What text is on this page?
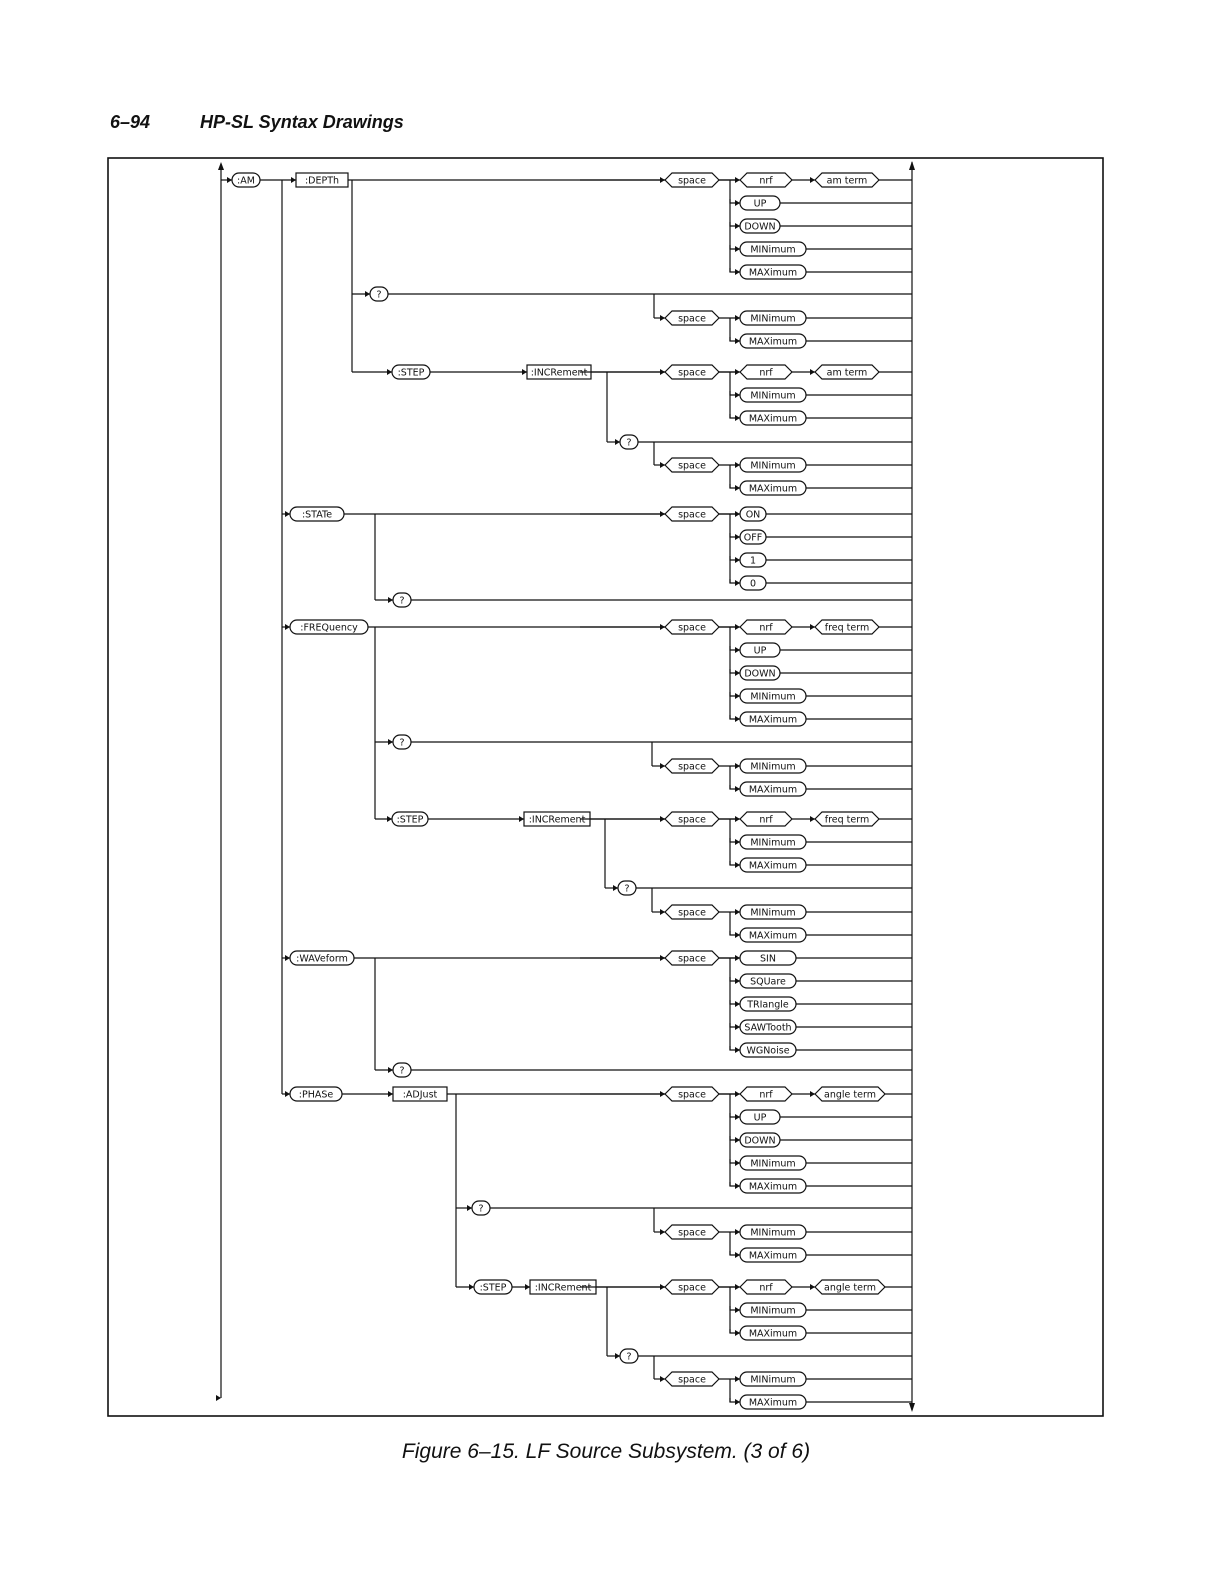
6–94	HP-SL Syntax Drawings
:AM	:DEPTh	space	nrf	am term
UP
DOWN
MINimum
MAXimum
?
space	MINimum
MAXimum
:STEP	:INCRement	space	nrf	am term
MINimum
MAXimum
?
space	MINimum
MAXimum
:STATe	space	ON
OFF
1
0
?
:FREQuency	space	nrf	freq term
UP
DOWN
MINimum
MAXimum
?
space	MINimum
MAXimum
:STEP	:INCRement	space	nrf	freq term
MINimum
MAXimum
?
space	MINimum
MAXimum
:WAVeform	space	SIN
SQUare
TRIangle
SAWTooth
WGNoise
?
:PHASe	:ADJust	space	nrf	angle term
UP
DOWN
MINimum
MAXimum
?
space	MINimum
MAXimum
:STEP	:INCRement	space	nrf	angle term
MINimum
MAXimum
?
space	MINimum
MAXimum
Figure 6–15. LF Source Subsystem. (3 of 6)
